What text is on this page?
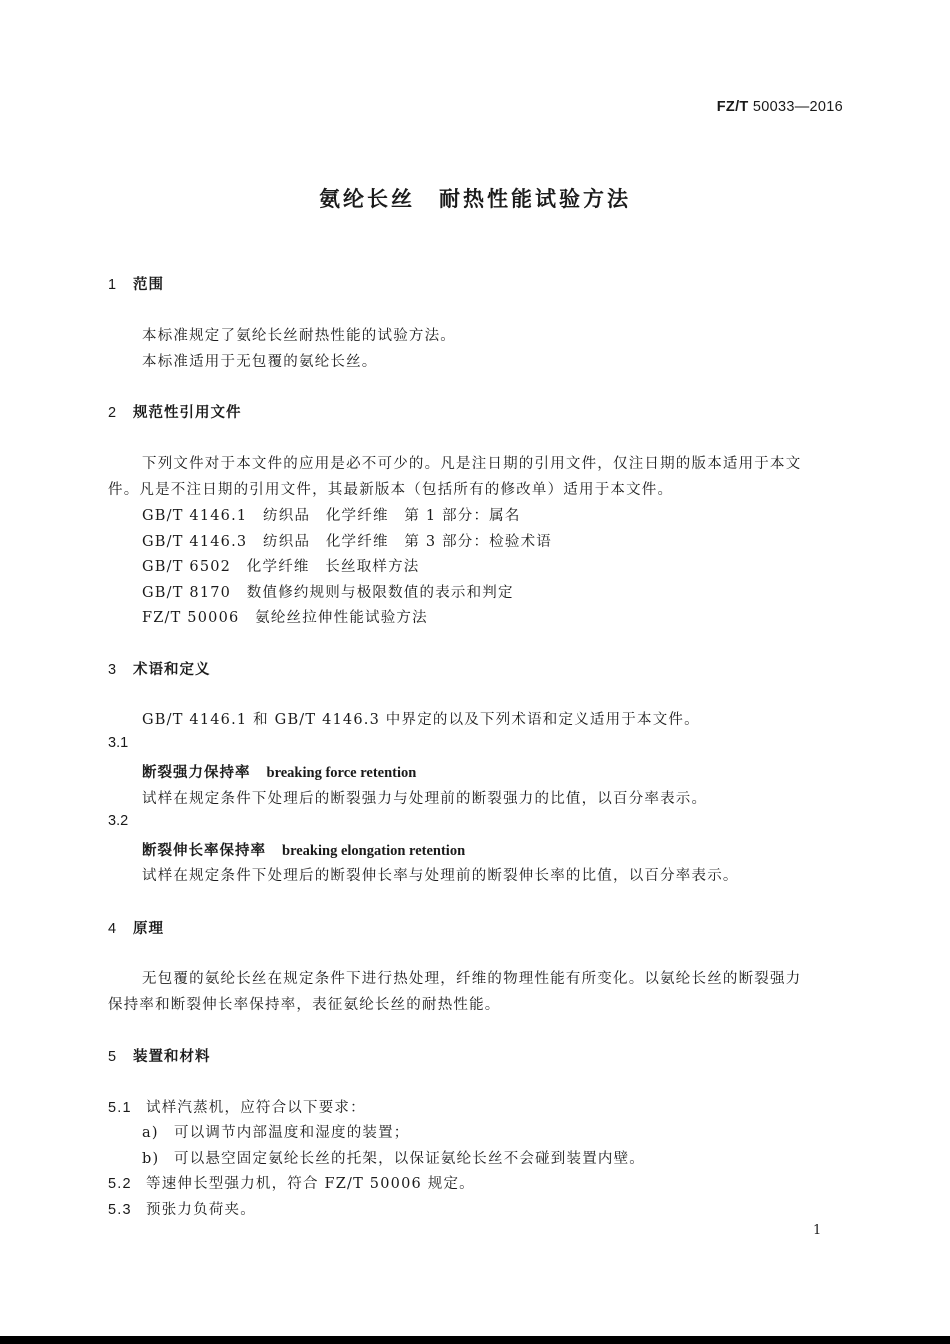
FZ/T 50033—2016
氨纶长丝　耐热性能试验方法
1 范围
本标准规定了氨纶长丝耐热性能的试验方法。
本标准适用于无包覆的氨纶长丝。
2 规范性引用文件
下列文件对于本文件的应用是必不可少的。凡是注日期的引用文件，仅注日期的版本适用于本文
件。凡是不注日期的引用文件，其最新版本（包括所有的修改单）适用于本文件。
GB/T 4146.1　纺织品　化学纤维　第 1 部分：属名
GB/T 4146.3　纺织品　化学纤维　第 3 部分：检验术语
GB/T 6502　化学纤维　长丝取样方法
GB/T 8170　数值修约规则与极限数值的表示和判定
FZ/T 50006　氨纶丝拉伸性能试验方法
3 术语和定义
GB/T 4146.1 和 GB/T 4146.3 中界定的以及下列术语和定义适用于本文件。
3.1
断裂强力保持率 breaking force retention
试样在规定条件下处理后的断裂强力与处理前的断裂强力的比值，以百分率表示。
3.2
断裂伸长率保持率 breaking elongation retention
试样在规定条件下处理后的断裂伸长率与处理前的断裂伸长率的比值，以百分率表示。
4 原理
无包覆的氨纶长丝在规定条件下进行热处理，纤维的物理性能有所变化。以氨纶长丝的断裂强力
保持率和断裂伸长率保持率，表征氨纶长丝的耐热性能。
5 装置和材料
5.1 试样汽蒸机，应符合以下要求：
a) 可以调节内部温度和湿度的装置；
b) 可以悬空固定氨纶长丝的托架，以保证氨纶长丝不会碰到装置内壁。
5.2 等速伸长型强力机，符合 FZ/T 50006 规定。
5.3 预张力负荷夹。
1
